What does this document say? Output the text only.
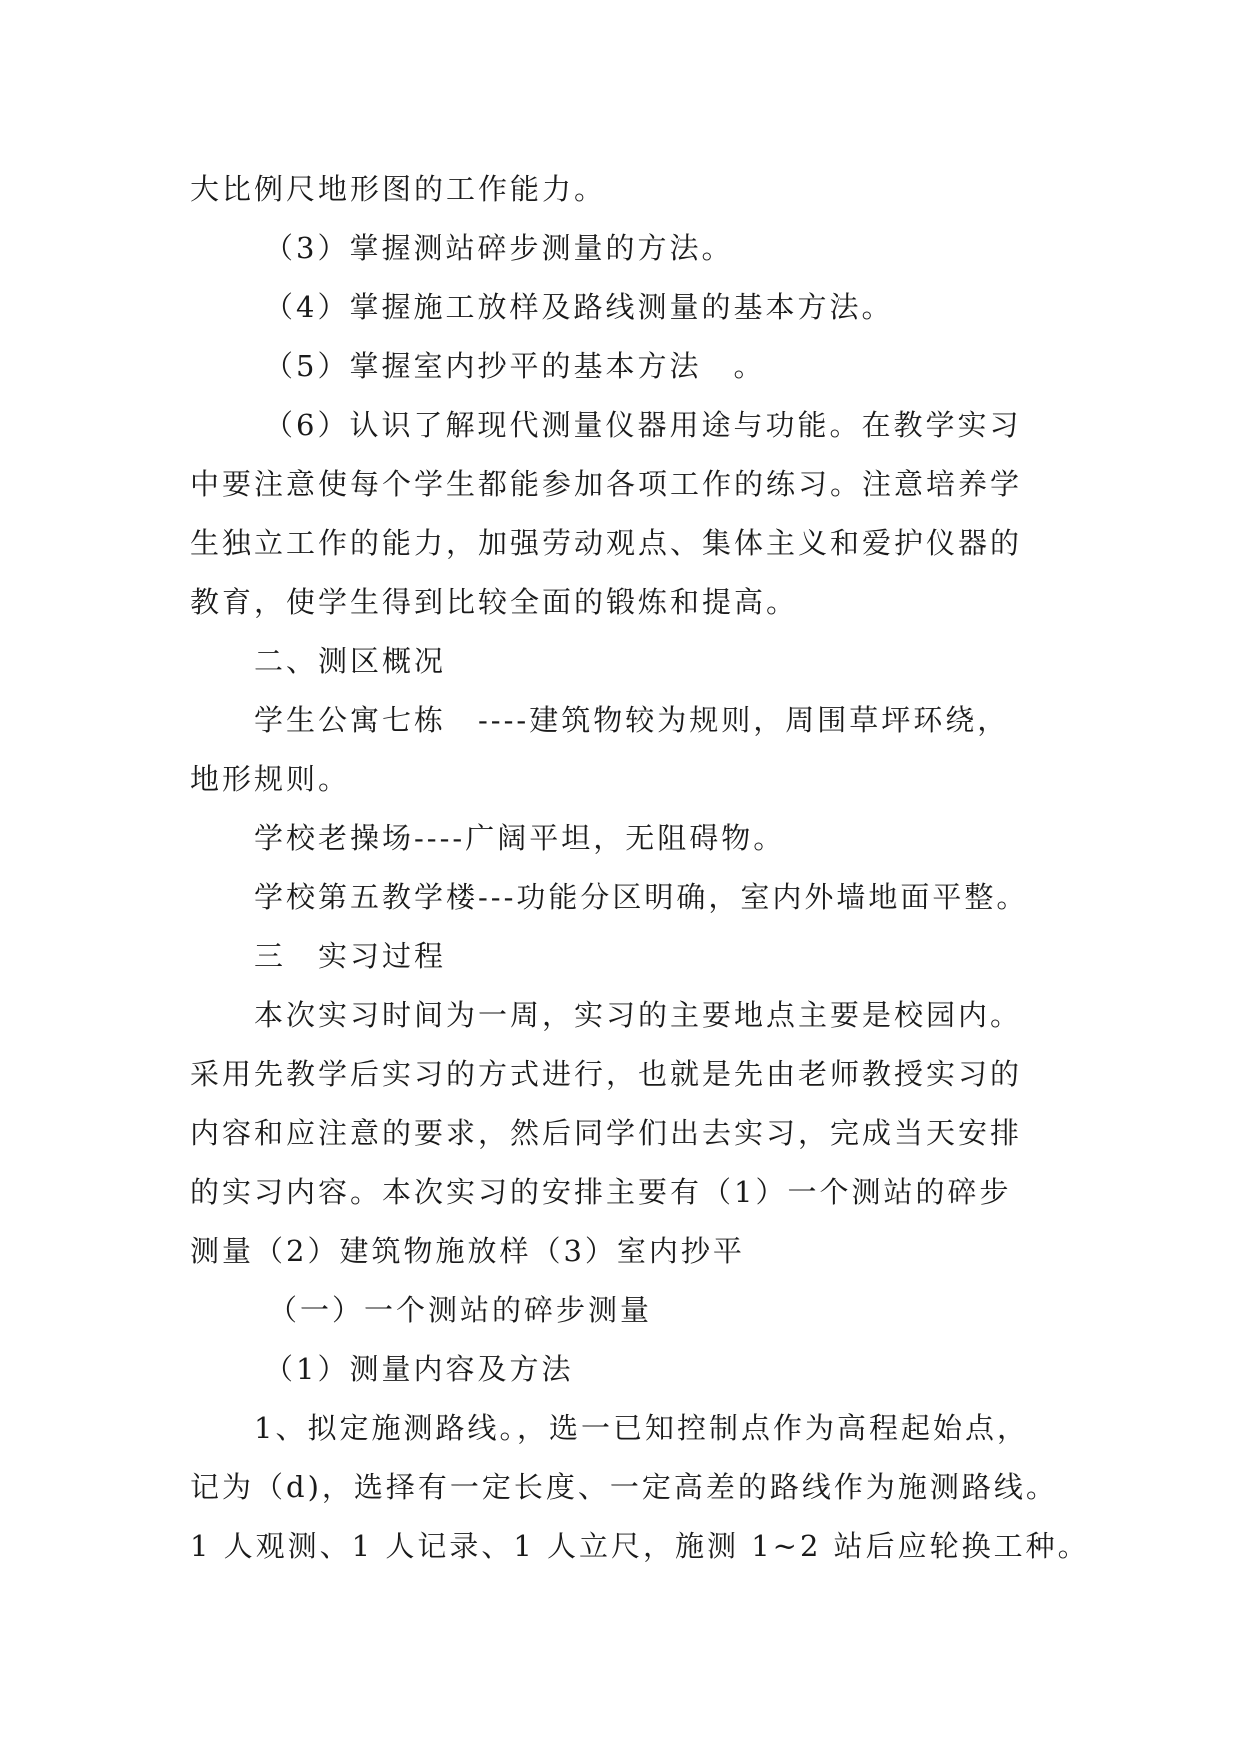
大比例尺地形图的工作能力。
（3）掌握测站碎步测量的方法。
（4）掌握施工放样及路线测量的基本方法。
（5）掌握室内抄平的基本方法　。
（6）认识了解现代测量仪器用途与功能。在教学实习
中要注意使每个学生都能参加各项工作的练习。注意培养学
生独立工作的能力，加强劳动观点、集体主义和爱护仪器的
教育，使学生得到比较全面的锻炼和提高。
二、测区概况
学生公寓七栋　----建筑物较为规则，周围草坪环绕，
地形规则。
学校老操场----广阔平坦，无阻碍物。
学校第五教学楼---功能分区明确，室内外墙地面平整。
三　实习过程
本次实习时间为一周，实习的主要地点主要是校园内。
采用先教学后实习的方式进行，也就是先由老师教授实习的
内容和应注意的要求，然后同学们出去实习，完成当天安排
的实习内容。本次实习的安排主要有（1）一个测站的碎步
测量（2）建筑物施放样（3）室内抄平
（一）一个测站的碎步测量
（1）测量内容及方法
1、拟定施测路线。，选一已知控制点作为高程起始点，
记为（d)，选择有一定长度、一定高差的路线作为施测路线。
1 人观测、1 人记录、1 人立尺，施测 1~2 站后应轮换工种。
